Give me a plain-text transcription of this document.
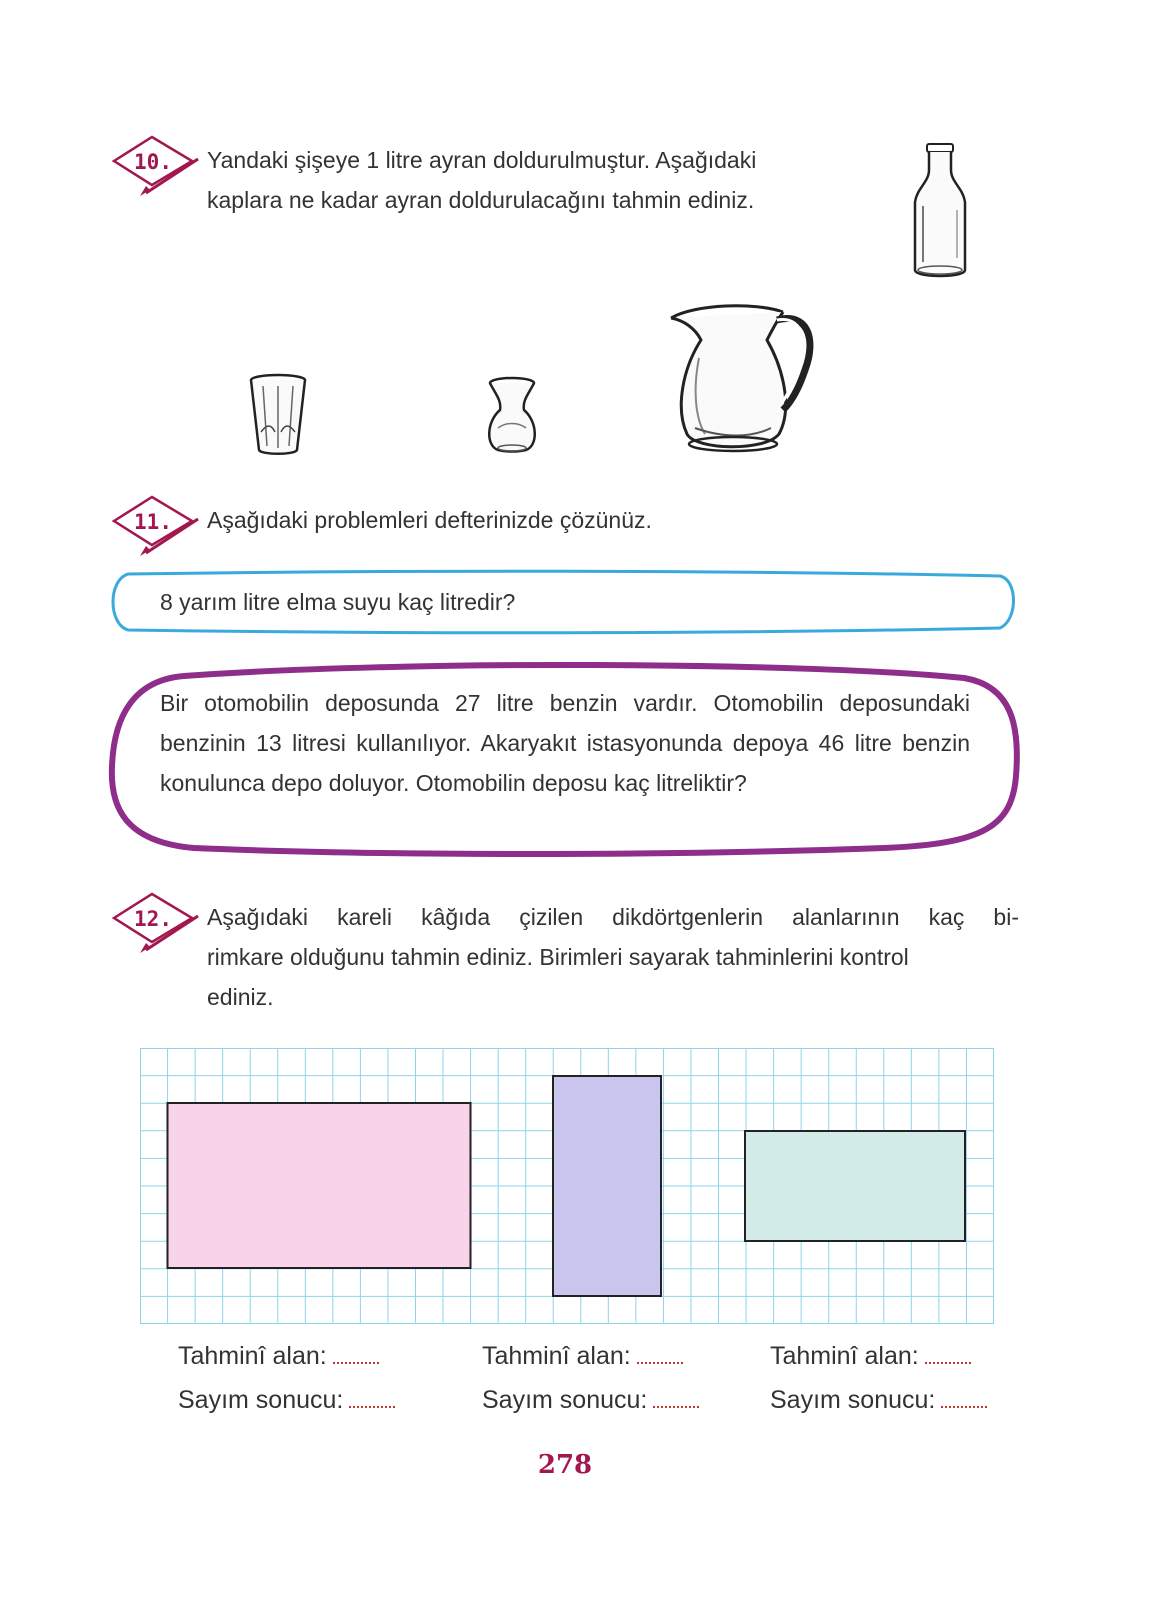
10. Yandaki şişeye 1 litre ayran doldurulmuştur. Aşağıdaki
kaplara ne kadar ayran doldurulacağını tahmin ediniz.
11. Aşağıdaki problemleri defterinizde çözünüz.
8 yarım litre elma suyu kaç litredir?
Bir otomobilin deposunda 27 litre benzin vardır. Otomobilin deposundaki benzinin 13 litresi kullanılıyor. Akaryakıt istasyonunda depoya 46 litre benzin konulunca depo doluyor. Otomobilin deposu kaç litreliktir?
12. Aşağıdaki kareli kâğıda çizilen dikdörtgenlerin alanlarının kaç bi-
rimkare olduğunu tahmin ediniz. Birimleri sayarak tahminlerini kontrol
ediniz.
Tahminî alan:
Sayım sonucu:
Tahminî alan:
Sayım sonucu:
Tahminî alan:
Sayım sonucu:
278
